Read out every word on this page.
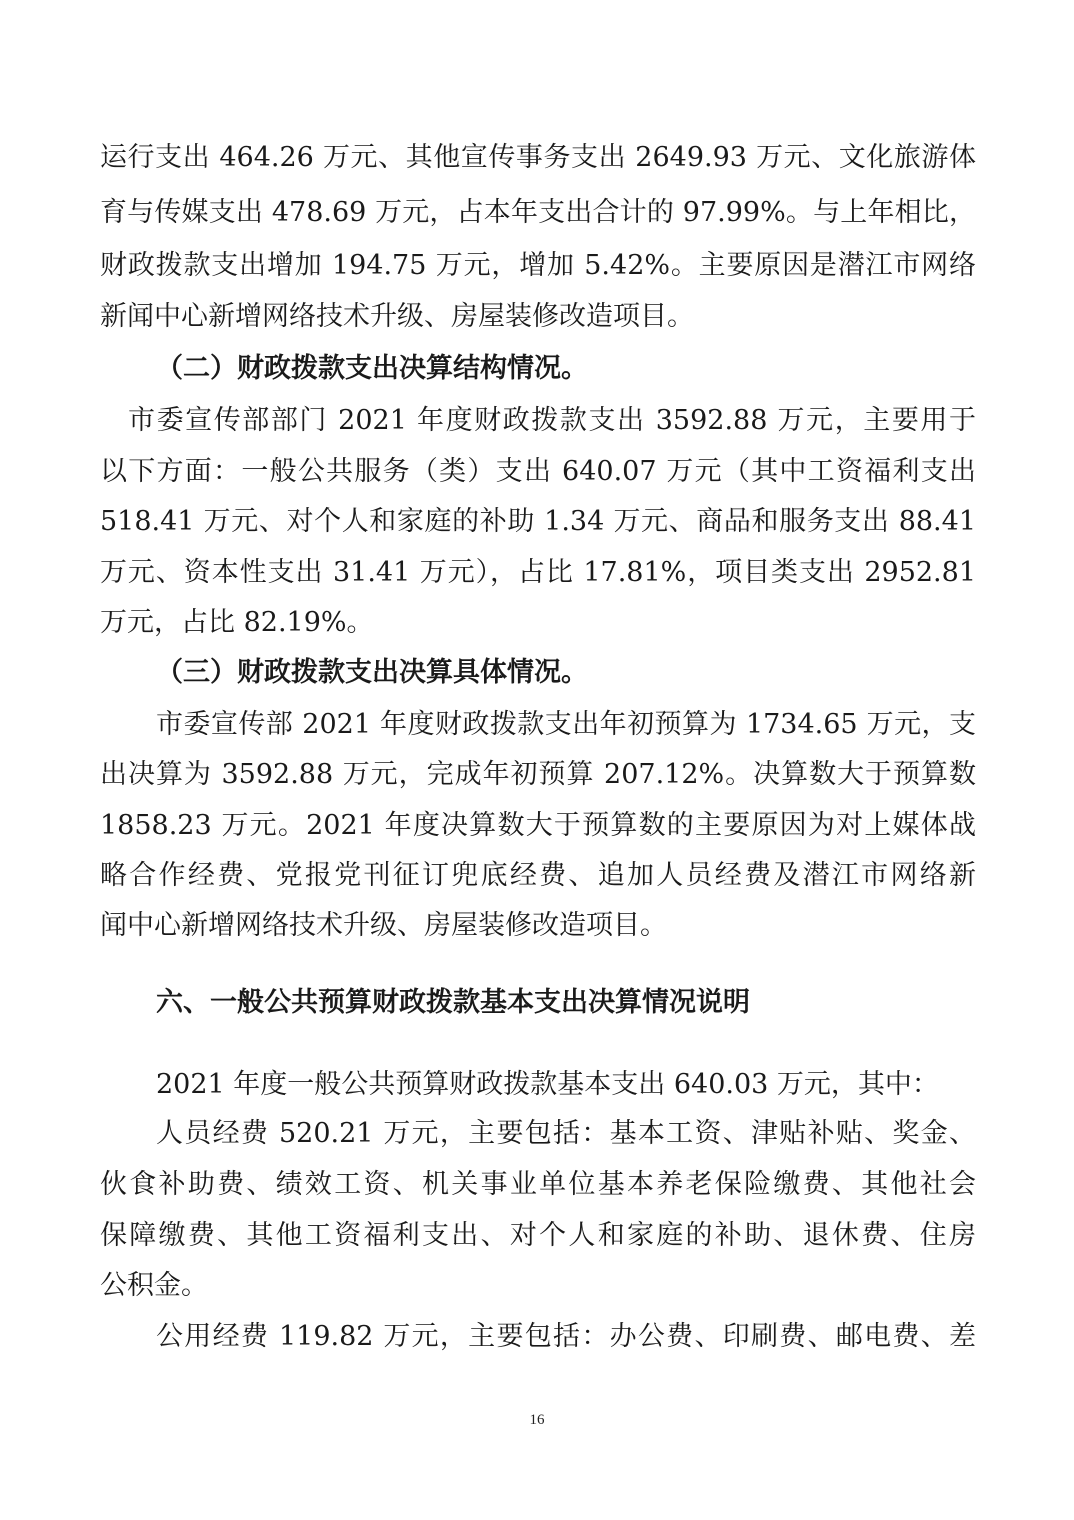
运行支出 464.26 万元、其他宣传事务支出 2649.93 万元、文化旅游体
育与传媒支出 478.69 万元，占本年支出合计的 97.99%。与上年相比，
财政拨款支出增加 194.75 万元，增加 5.42%。主要原因是潜江市网络
新闻中心新增网络技术升级、房屋装修改造项目。
（二）财政拨款支出决算结构情况。
市委宣传部部门 2021 年度财政拨款支出 3592.88 万元，主要用于
以下方面：一般公共服务（类）支出 640.07 万元（其中工资福利支出
518.41 万元、对个人和家庭的补助 1.34 万元、商品和服务支出 88.41
万元、资本性支出 31.41 万元），占比 17.81%，项目类支出 2952.81
万元，占比 82.19%。
（三）财政拨款支出决算具体情况。
市委宣传部 2021 年度财政拨款支出年初预算为 1734.65 万元，支
出决算为 3592.88 万元，完成年初预算 207.12%。决算数大于预算数
1858.23 万元。2021 年度决算数大于预算数的主要原因为对上媒体战
略合作经费、党报党刊征订兜底经费、追加人员经费及潜江市网络新
闻中心新增网络技术升级、房屋装修改造项目。
六、一般公共预算财政拨款基本支出决算情况说明
2021 年度一般公共预算财政拨款基本支出 640.03 万元，其中：
人员经费 520.21 万元，主要包括：基本工资、津贴补贴、奖金、
伙食补助费、绩效工资、机关事业单位基本养老保险缴费、其他社会
保障缴费、其他工资福利支出、对个人和家庭的补助、退休费、住房
公积金。
公用经费 119.82 万元，主要包括：办公费、印刷费、邮电费、差
16
